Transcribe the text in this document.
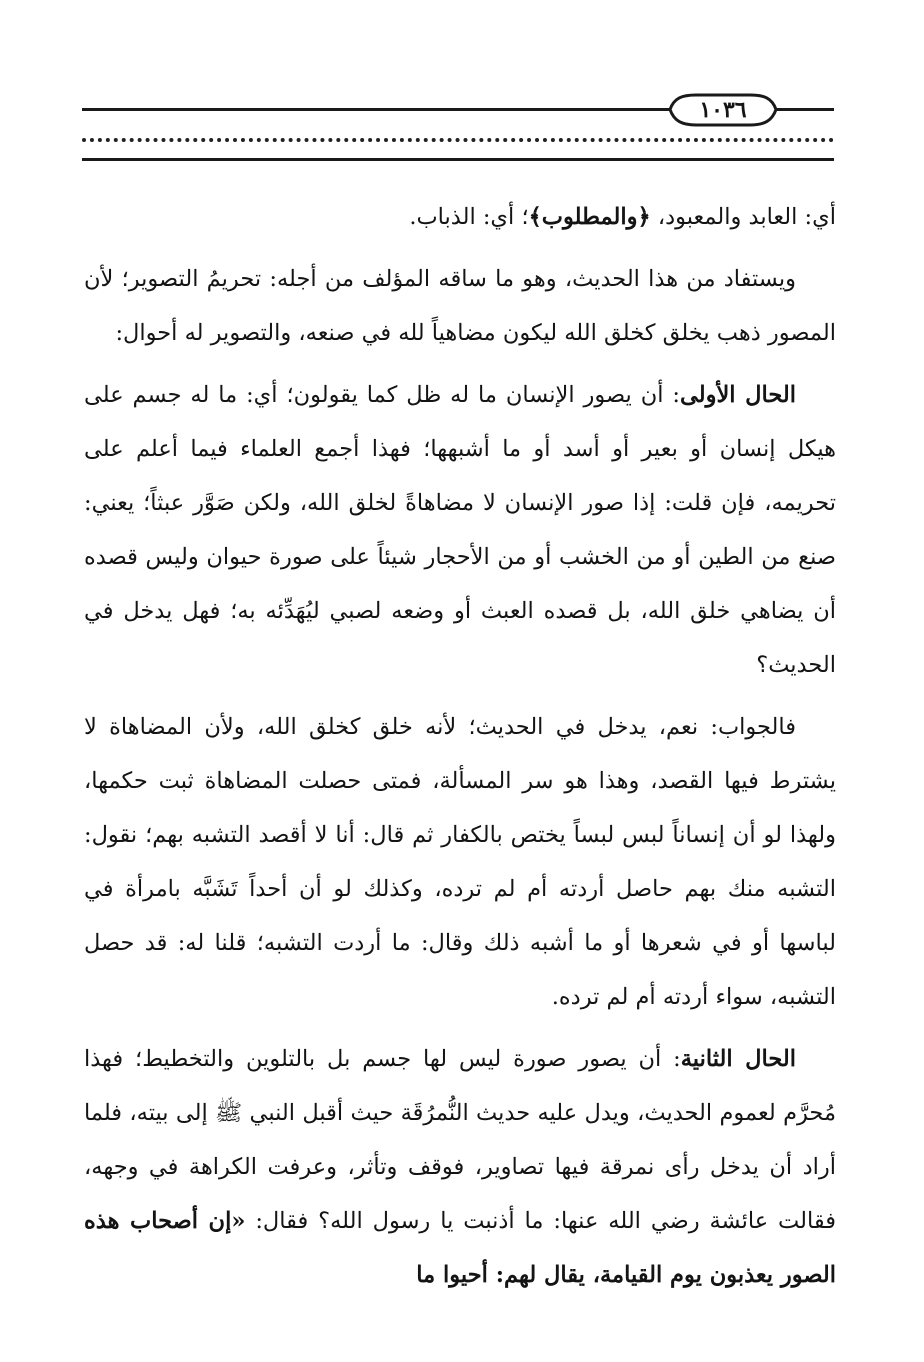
١٠٣٦

أي: العابد والمعبود، ﴿والمطلوب﴾؛ أي: الذباب.

ويستفاد من هذا الحديث، وهو ما ساقه المؤلف من أجله: تحريمُ التصوير؛ لأن المصور ذهب يخلق كخلق الله ليكون مضاهياً لله في صنعه، والتصوير له أحوال:

الحال الأولى: أن يصور الإنسان ما له ظل كما يقولون؛ أي: ما له جسم على هيكل إنسان أو بعير أو أسد أو ما أشبهها؛ فهذا أجمع العلماء فيما أعلم على تحريمه، فإن قلت: إذا صور الإنسان لا مضاهاةً لخلق الله، ولكن صَوَّر عبثاً؛ يعني: صنع من الطين أو من الخشب أو من الأحجار شيئاً على صورة حيوان وليس قصده أن يضاهي خلق الله، بل قصده العبث أو وضعه لصبي ليُهَدِّئه به؛ فهل يدخل في الحديث؟

فالجواب: نعم، يدخل في الحديث؛ لأنه خلق كخلق الله، ولأن المضاهاة لا يشترط فيها القصد، وهذا هو سر المسألة، فمتى حصلت المضاهاة ثبت حكمها، ولهذا لو أن إنساناً لبس لبساً يختص بالكفار ثم قال: أنا لا أقصد التشبه بهم؛ نقول: التشبه منك بهم حاصل أردته أم لم ترده، وكذلك لو أن أحداً تَشَبَّه بامرأة في لباسها أو في شعرها أو ما أشبه ذلك وقال: ما أردت التشبه؛ قلنا له: قد حصل التشبه، سواء أردته أم لم ترده.

الحال الثانية: أن يصور صورة ليس لها جسم بل بالتلوين والتخطيط؛ فهذا مُحرَّم لعموم الحديث، ويدل عليه حديث النُّمرُقَة حيث أقبل النبي ﷺ إلى بيته، فلما أراد أن يدخل رأى نمرقة فيها تصاوير، فوقف وتأثر، وعرفت الكراهة في وجهه، فقالت عائشة رضي الله عنها: ما أذنبت يا رسول الله؟ فقال: «إن أصحاب هذه الصور يعذبون يوم القيامة، يقال لهم: أحيوا ما
